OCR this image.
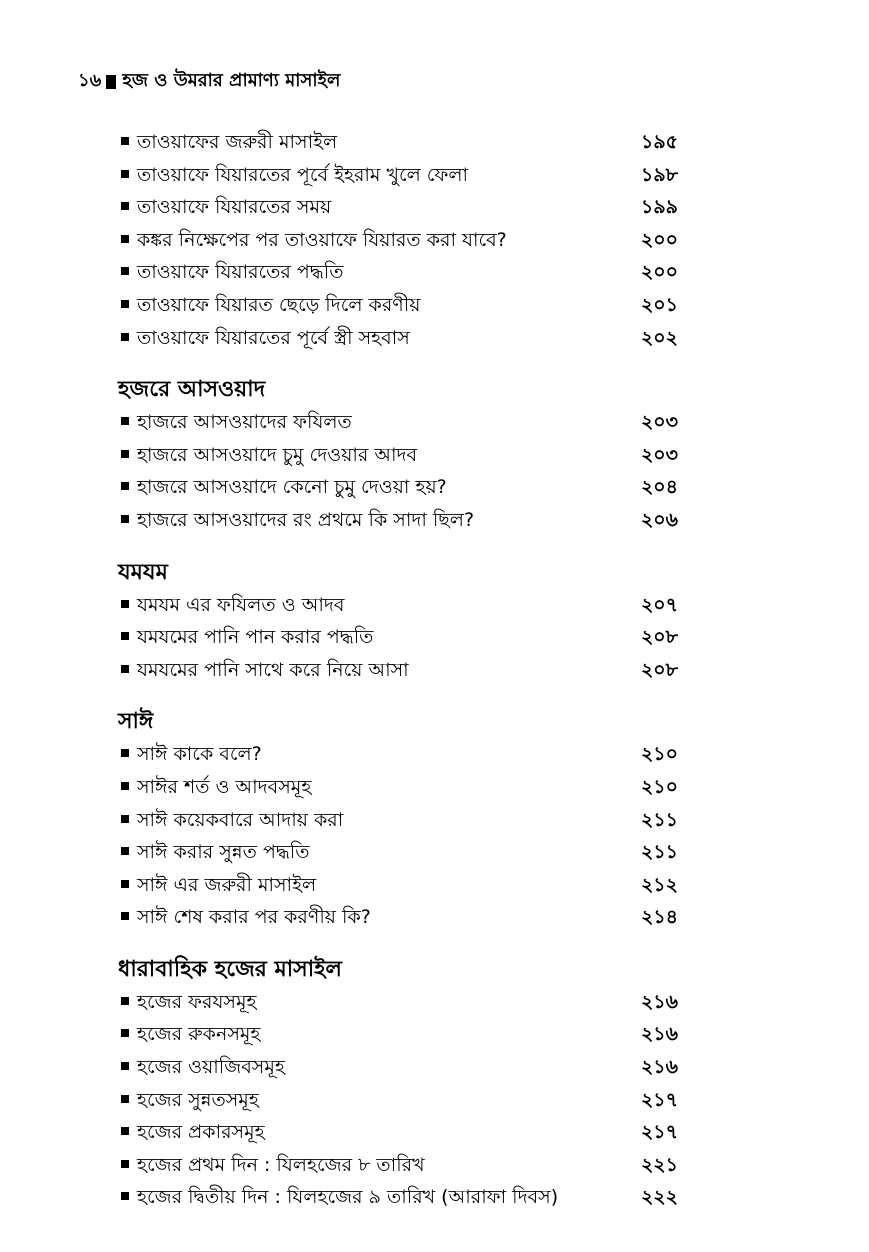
১৬ হজ ও উমরার প্রামাণ্য মাসাইল
তাওয়াফের জরুরী মাসাইল	১৯৫
তাওয়াফে যিয়ারতের পূর্বে ইহরাম খুলে ফেলা	১৯৮
তাওয়াফে যিয়ারতের সময়	১৯৯
কঙ্কর নিক্ষেপের পর তাওয়াফে যিয়ারত করা যাবে?	২০০
তাওয়াফে যিয়ারতের পদ্ধতি	২০০
তাওয়াফে যিয়ারত ছেড়ে দিলে করণীয়	২০১
তাওয়াফে যিয়ারতের পূর্বে স্ত্রী সহবাস	২০২
হজরে আসওয়াদ
হাজরে আসওয়াদের ফযিলত	২০৩
হাজরে আসওয়াদে চুমু দেওয়ার আদব	২০৩
হাজরে আসওয়াদে কেনো চুমু দেওয়া হয়?	২০৪
হাজরে আসওয়াদের রং প্রথমে কি সাদা ছিল?	২০৬
যমযম
যমযম এর ফযিলত ও আদব	২০৭
যমযমের পানি পান করার পদ্ধতি	২০৮
যমযমের পানি সাথে করে নিয়ে আসা	২০৮
সাঈ
সাঈ কাকে বলে?	২১০
সাঈর শর্ত ও আদবসমূহ	২১০
সাঈ কয়েকবারে আদায় করা	২১১
সাঈ করার সুন্নত পদ্ধতি	২১১
সাঈ এর জরুরী মাসাইল	২১২
সাঈ শেষ করার পর করণীয় কি?	২১৪
ধারাবাহিক হজের মাসাইল
হজের ফরযসমূহ	২১৬
হজের রুকনসমূহ	২১৬
হজের ওয়াজিবসমূহ	২১৬
হজের সুন্নতসমূহ	২১৭
হজের প্রকারসমূহ	২১৭
হজের প্রথম দিন : যিলহজের ৮ তারিখ	২২১
হজের দ্বিতীয় দিন : যিলহজের ৯ তারিখ (আরাফা দিবস)	২২২
